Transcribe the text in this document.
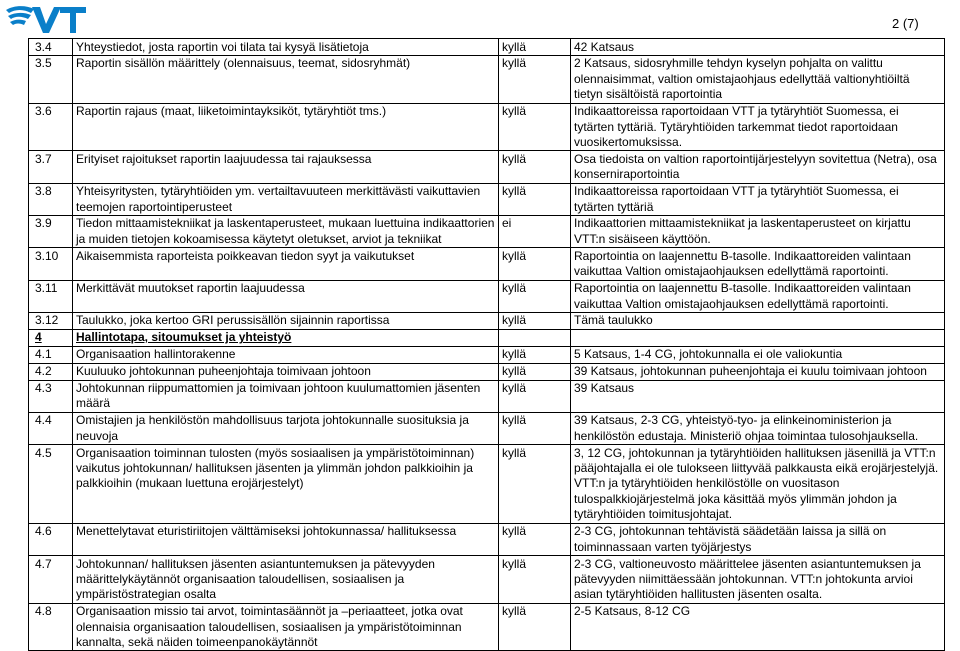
2 (7)
3.4	Yhteystiedot, josta raportin voi tilata tai kysyä lisätietoja	kyllä	42 Katsaus
3.5	Raportin sisällön määrittely (olennaisuus, teemat, sidosryhmät)	kyllä	2 Katsaus, sidosryhmille tehdyn kyselyn pohjalta on valittu olennaisimmat, valtion omistajaohjaus edellyttää valtionyhtiöiltä tietyn sisältöistä raportointia
3.6	Raportin rajaus (maat, liiketoimintayksiköt, tytäryhtiöt tms.)	kyllä	Indikaattoreissa raportoidaan VTT ja tytäryhtiöt Suomessa, ei tytärten tyttäriä. Tytäryhtiöiden tarkemmat tiedot raportoidaan vuosikertomuksissa.
3.7	Erityiset rajoitukset raportin laajuudessa tai rajauksessa	kyllä	Osa tiedoista on valtion raportointijärjestelyyn sovitettua (Netra), osa konserniraportointia
3.8	Yhteisyritysten, tytäryhtiöiden ym. vertailtavuuteen merkittävästi vaikuttavien teemojen raportointiperusteet	kyllä	Indikaattoreissa raportoidaan VTT ja tytäryhtiöt Suomessa, ei tytärten tyttäriä
3.9	Tiedon mittaamistekniikat ja laskentaperusteet, mukaan luettuina indikaattorien ja muiden tietojen kokoamisessa käytetyt oletukset, arviot ja tekniikat	ei	Indikaattorien mittaamistekniikat ja laskentaperusteet on kirjattu VTT:n sisäiseen käyttöön.
3.10	Aikaisemmista raporteista poikkeavan tiedon syyt ja vaikutukset	kyllä	Raportointia on laajennettu B-tasolle. Indikaattoreiden valintaan vaikuttaa Valtion omistajaohjauksen edellyttämä raportointi.
3.11	Merkittävät muutokset raportin laajuudessa	kyllä	Raportointia on laajennettu B-tasolle. Indikaattoreiden valintaan vaikuttaa Valtion omistajaohjauksen edellyttämä raportointi.
3.12	Taulukko, joka kertoo GRI perussisällön sijainnin raportissa	kyllä	Tämä taulukko
4	Hallintotapa, sitoumukset ja yhteistyö		
4.1	Organisaation hallintorakenne	kyllä	5 Katsaus, 1-4 CG, johtokunnalla ei ole valiokuntia
4.2	Kuuluuko johtokunnan puheenjohtaja toimivaan johtoon	kyllä	39 Katsaus, johtokunnan puheenjohtaja ei kuulu toimivaan johtoon
4.3	Johtokunnan riippumattomien ja toimivaan johtoon kuulumattomien jäsenten määrä	kyllä	39 Katsaus
4.4	Omistajien ja henkilöstön mahdollisuus tarjota johtokunnalle suosituksia ja neuvoja	kyllä	39 Katsaus, 2-3 CG, yhteistyö-tyo- ja elinkeinoministerion ja henkilöstön edustaja. Ministeriö ohjaa toimintaa tulosohjauksella.
4.5	Organisaation toiminnan tulosten (myös sosiaalisen ja ympäristötoiminnan) vaikutus johtokunnan/ hallituksen jäsenten ja ylimmän johdon palkkioihin ja palkkioihin (mukaan luettuna erojärjestelyt)	kyllä	3, 12 CG, johtokunnan ja tytäryhtiöiden hallituksen jäsenillä ja VTT:n pääjohtajalla ei ole tulokseen liittyvää palkkausta eikä erojärjestelyjä. VTT:n ja tytäryhtiöiden henkilöstölle on vuositason tulospalkkiojärjestelmä joka käsittää myös ylimmän johdon ja tytäryhtiöiden toimitusjohtajat.
4.6	Menettelytavat eturistiriitojen välttämiseksi johtokunnassa/ hallituksessa	kyllä	2-3 CG, johtokunnan tehtävistä säädetään laissa ja sillä on toiminnassaan varten työjärjestys
4.7	Johtokunnan/ hallituksen jäsenten asiantuntemuksen ja pätevyyden määrittelykäytännöt organisaation taloudellisen, sosiaalisen ja ympäristöstrategian osalta	kyllä	2-3 CG, valtioneuvosto määrittelee jäsenten asiantuntemuksen ja pätevyyden niimittäessään johtokunnan. VTT:n johtokunta arvioi asian tytäryhtiöiden hallitusten jäsenten osalta.
4.8	Organisaation missio tai arvot, toimintasäännöt ja –periaatteet, jotka ovat olennaisia organisaation taloudellisen, sosiaalisen ja ympäristötoiminnan kannalta, sekä näiden toimeenpanokäytännöt	kyllä	2-5 Katsaus, 8-12 CG
